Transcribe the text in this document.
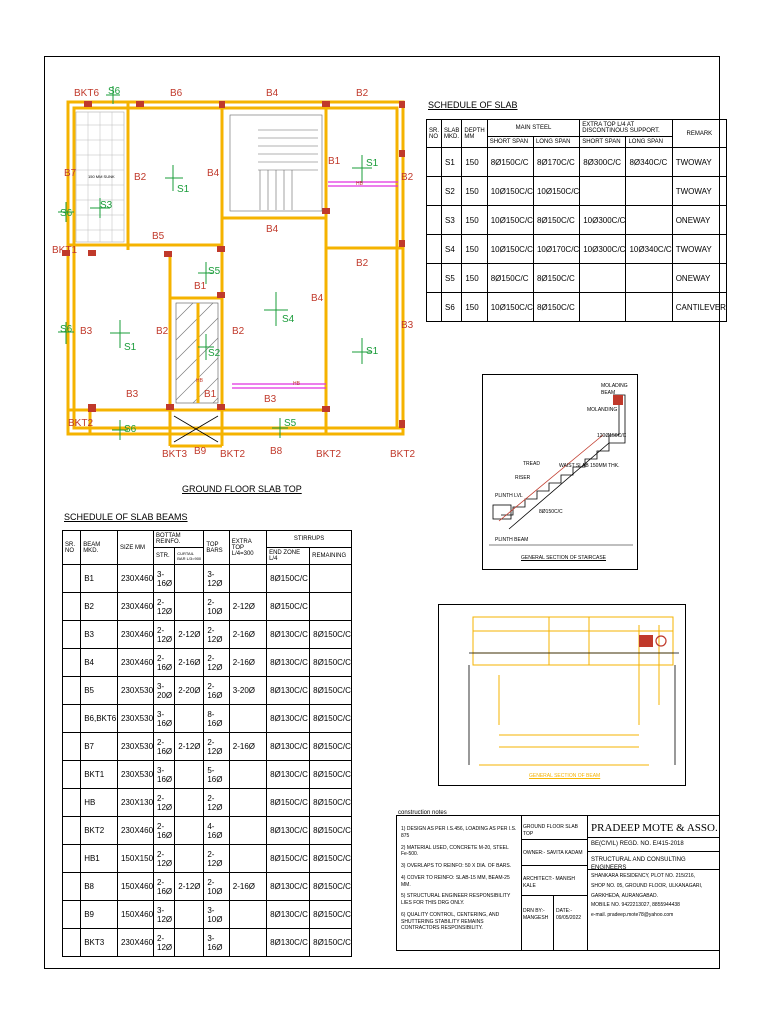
BKT6	B6	B4	B2
B7	B2	B4
B1
B2
B5
B4
BKT1
B2
B1
B4
B3	B2	B2
B3
B3	B1	B3
BKT2
BKT3 B9 BKT2 B8	BKT2	BKT2
S6
S6
S3
S1
S1
S5
S4
S6
S1	S1
S2
S6
S5
150 MM SUNK
HB
HB
HB
GROUND FLOOR SLAB TOP
SCHEDULE OF SLAB
SR. NO	SLAB MKD.	DEPTH MM	MAIN STEEL		EXTRA TOP L/4 AT DISCONTINOUS SUPPORT.		REMARK
			SHORT SPAN	LONG SPAN	SHORT SPAN	LONG SPAN	
	S1	150	8Ø150C/C	8Ø170C/C	8Ø300C/C	8Ø340C/C	TWOWAY
	S2	150	10Ø150C/C	10Ø150C/C			TWOWAY
	S3	150	10Ø150C/C	8Ø150C/C	10Ø300C/C		ONEWAY
	S4	150	10Ø150C/C	10Ø170C/C	10Ø300C/C	10Ø340C/C	TWOWAY
	S5	150	8Ø150C/C	8Ø150C/C			ONEWAY
	S6	150	10Ø150C/C	8Ø150C/C			CANTILEVER
MOLADING BEAM
MOLANDING
120Ø150C/C
WAIST SLAB 150MM THK.
TREAD
RISER
PLINTH LVL
8Ø150C/C
PLINTH BEAM
GENERAL SECTION OF STAIRCASE
GENERAL SECTION OF BEAM
SCHEDULE OF SLAB BEAMS
SR. NO	BEAM MKD.	SIZE MM	BOTTAM REINFO.		TOP BARS	EXTRA TOP L/4=300	STIRRUPS	
			STR.	CURTAIL BAR L/3=900			END ZONE L/4	REMAINING
	B1	230X460	3-16Ø		3-12Ø		8Ø150C/C	
	B2	230X460	2-12Ø		2-10Ø	2-12Ø	8Ø150C/C	
	B3	230X460	2-12Ø	2-12Ø	2-12Ø	2-16Ø	8Ø130C/C	8Ø150C/C
	B4	230X460	2-16Ø	2-16Ø	2-12Ø	2-16Ø	8Ø130C/C	8Ø150C/C
	B5	230X530	3-20Ø	2-20Ø	2-16Ø	3-20Ø	8Ø130C/C	8Ø150C/C
	B6,BKT6	230X530	3-16Ø		8-16Ø		8Ø130C/C	8Ø150C/C
	B7	230X530	2-16Ø	2-12Ø	2-12Ø	2-16Ø	8Ø130C/C	8Ø150C/C
	BKT1	230X530	3-16Ø		5-16Ø		8Ø130C/C	8Ø150C/C
	HB	230X130	2-12Ø		2-12Ø		8Ø150C/C	8Ø150C/C
	BKT2	230X460	2-16Ø		4-16Ø		8Ø130C/C	8Ø150C/C
	HB1	150X150	2-12Ø		2-12Ø		8Ø150C/C	8Ø150C/C
	B8	150X460	2-16Ø	2-12Ø	2-10Ø	2-16Ø	8Ø130C/C	8Ø150C/C
	B9	150X460	3-12Ø		3-10Ø		8Ø130C/C	8Ø150C/C
	BKT3	230X460	2-12Ø		3-16Ø		8Ø130C/C	8Ø150C/C
construction notes
1) DESIGN AS PER I.S.456, LOADING AS PER I.S. 875
2) MATERIAL USED, CONCRETE M-20, STEEL Fe-500.
3) OVERLAPS TO REINFO: 50 X DIA. OF BARS.
4) COVER TO REINFO: SLAB-15 MM, BEAM-25 MM.
5) STRUCTURAL ENGINEER RESPONSIBILITY LIES FOR THIS DRG ONLY.
6) QUALITY CONTROL, CENTERING, AND SHUTTERING STABILITY REMAINS CONTRACTORS RESPONSIBILITY.
GROUND FLOOR SLAB TOP
OWNER:- SAVITA KADAM
ARCHITECT:- MANISH KALE
DRN BY:- MANGESH
DATE:- 09/05/2022
PRADEEP MOTE & ASSO.
BE(CIVIL) REGD. NO. E/415-2018
STRUCTURAL AND CONSULTING ENGINEERS
SHANKARA RESIDENCY, PLOT NO. 215/216,
SHOP NO. 05, GROUND FLOOR, ULKANAGARI,
GARKHEDA, AURANGABAD.
MOBILE NO. 9422213027, 8855944438
e-mail. pradeep.mote78@yahoo.com
